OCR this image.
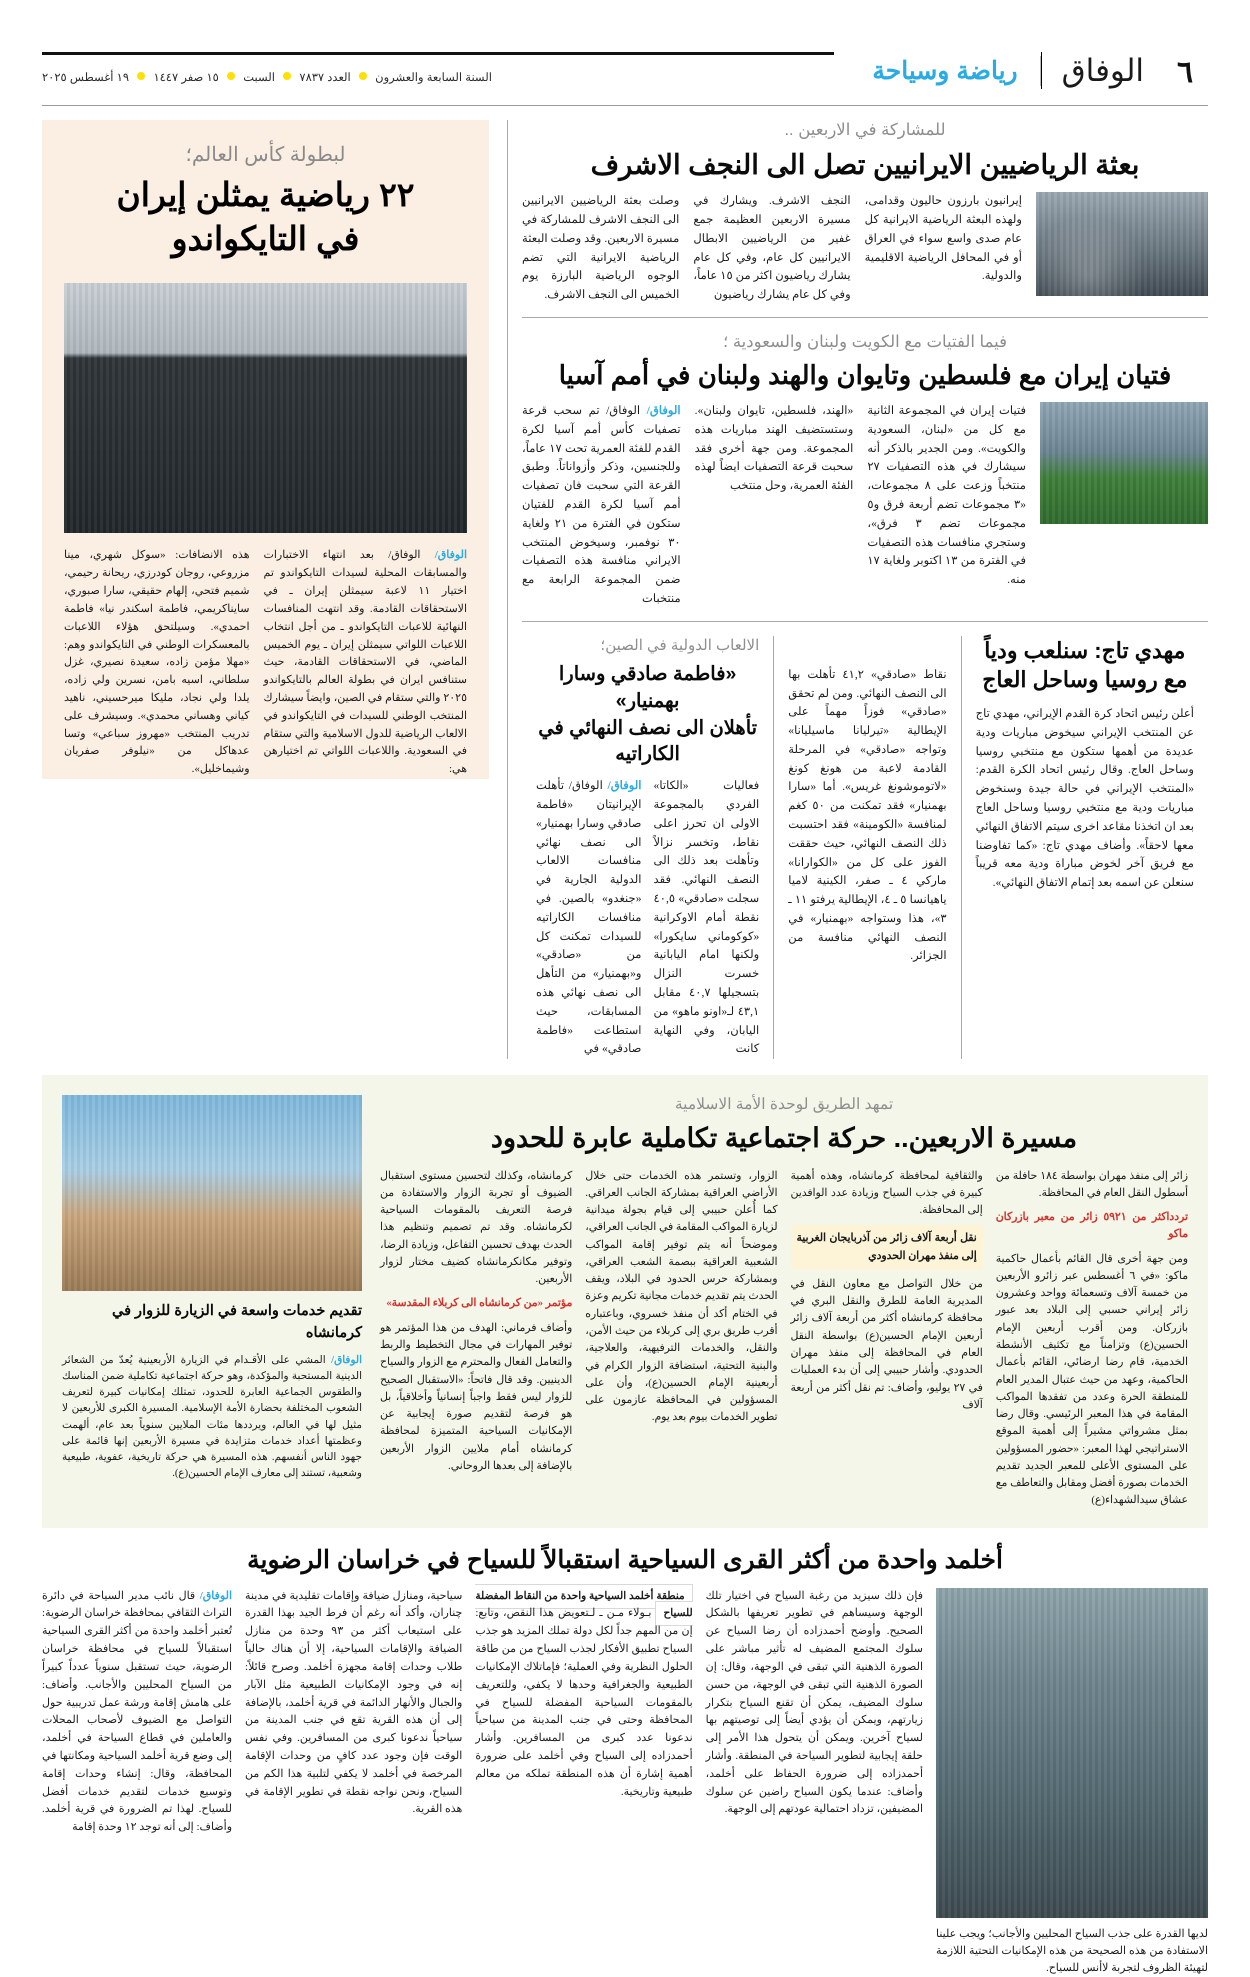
٦
الوفاق
رياضة وسياحة
السنة السابعة والعشرون  العدد ٧٨٣٧  السبت  ١٥ صفر ١٤٤٧  ١٩ أغسطس ٢٠٢٥
للمشاركة في الاربعين ..
بعثة الرياضيين الايرانيين تصل الى النجف الاشرف
إيرانيون بارزون حاليون وقدامى، ولهذه البعثة الرياضية الايرانية كل عام صدى واسع سواء في العراق أو في المحافل الرياضية الاقليمية والدولية.
النجف الاشرف. ويشارك في مسيرة الاربعين العظيمة جمع غفير من الرياضيين الابطال الايرانيين كل عام، وفي كل عام يشارك رياضيون اكثر من ١٥ عاماً، وفي كل عام يشارك رياضيون
وصلت بعثة الرياضيين الايرانيين الى النجف الاشرف للمشاركة في مسيرة الاربعين. وقد وصلت البعثة الرياضية الايرانية التي تضم الوجوه الرياضية البارزة يوم الخميس الى النجف الاشرف.
فيما الفتيات مع الكويت ولبنان والسعودية ؛
فتيان إيران مع فلسطين وتايوان والهند ولبنان في أمم آسيا
فتيات إيران في المجموعة الثانية مع كل من «لبنان، السعودية والكويت». ومن الجدير بالذكر أنه سيشارك في هذه التصفيات ٢٧ منتخباً وزعت على ٨ مجموعات، «٣ مجموعات تضم أربعة فرق و٥ مجموعات تضم ٣ فرق»، وستجري منافسات هذه التصفيات في الفترة من ١٣ اكتوبر ولغاية ١٧ منه.
«الهند، فلسطين، تايوان ولبنان». وستستضيف الهند مباريات هذه المجموعة. ومن جهة أخرى فقد سحبت قرعة التصفيات ايضاً لهذه الفئة العمرية، وحل منتخب
الوفاق/ الوفاق/ تم سحب قرعة تصفيات كأس أمم آسيا لكرة القدم للفئة العمرية تحت ١٧ عاماً، وللجنسين، وذكر وأزواناتاً. وطبق القرعة التي سحبت فان تصفيات أمم آسيا لكرة القدم للفتيان ستكون في الفترة من ٢١ ولغاية ٣٠ نوفمبر، وسيخوض المنتخب الايراني منافسة هذه التصفيات ضمن المجموعة الرابعة مع منتخبات
مهدي تاج: سنلعب ودياً
مع روسيا وساحل العاج
أعلن رئيس اتحاد كرة القدم الإيراني، مهدي تاج عن المنتخب الإيراني سيخوض مباريات ودية عديدة من أهمها ستكون مع منتخبي روسيا وساحل العاج. وقال رئيس اتحاد الكرة القدم: «المنتخب الإيراني في حالة جيدة وسنخوض مباريات ودية مع منتخبي روسيا وساحل العاج بعد ان اتخذنا مقاعد اخرى سيتم الاتفاق النهائي معها لاحقاً». وأضاف مهدي تاج: «كما تفاوضنا مع فريق آخر لخوض مباراة ودية معه قريباً سنعلن عن اسمه بعد إتمام الاتفاق النهائي».
نقاط «صادقي» ٤١,٢ تأهلت بها الى النصف النهائي. ومن لم تحقق «صادقي» فوزاً مهماً على الإيطالية «تيرليانا ماسيليانا» وتواجه «صادقي» في المرحلة القادمة لاعبة من هونغ كونغ «لاتوموشونغ غريس». أما «سارا بهمنيار» فقد تمكنت من ٥٠ كغم لمنافسة «الكومينة» فقد احتسبت ذلك النصف النهائي، حيث حققت الفوز على كل من «الكوارانا» مارکي ٤ ـ صفر، الكينية لاميا ياهيانسا ٥ ـ ٤، الإيطالية يرفتو ١١ ـ ٣»، هذا وستواجه «بهمنيار» في النصف النهائي منافسة من الجزائر.
الالعاب الدولية في الصين؛
«فاطمة صادقي وسارا بهمنيار»
تأهلان الى نصف النهائي في الكاراتيه
فعاليات «الكاتا» الفردي بالمجموعة الاولى ان تحرز اعلى نقاط، وتخسر نزالاً وتأهلت بعد ذلك الى النصف النهائي. فقد سجلت «صادقي» ٤٠,٥ نقطة أمام الاوكرانية «كوكوماني سايكورا» ولكنها امام اليابانية خسرت النزال بتسجيلها ٤٠,٧ مقابل ٤٣,١ لـ«اونو ماهو» من اليابان، وفي النهاية كانت
الوفاق/ الوفاق/ تأهلت الإيرانيتان «فاطمة صادقي وسارا بهمنيار» الى نصف نهائي منافسات الالعاب الدولية الجارية في «جنغدو» بالصين. في منافسات الكاراتيه للسيدات تمكنت كل من «صادقي» و«بهمنيار» من التأهل الى نصف نهائي هذه المسابقات، حيث استطاعت «فاطمة صادقي» في
لبطولة كأس العالم؛
٢٢ رياضية يمثلن إيران
في التايكواندو
الوفاق/ الوفاق/ بعد انتهاء الاختبارات والمسابقات المحلية لسيدات التايكواندو تم اختيار ١١ لاعبة سيمثلن إيران ـ في الاستحقاقات القادمة. وقد انتهت المنافسات النهائية للاعبات التايكواندو ـ من أجل انتخاب اللاعبات اللواتي سيمثلن إيران ـ يوم الخميس الماضي، في الاستحقاقات القادمة، حيث ستنافس ايران في بطولة العالم بالتايكواندو ٢٠٢٥ والتي ستقام في الصين، وايضاً سيشارك المنتخب الوطني للسيدات في التايكواندو في الالعاب الرياضية للدول الاسلامية والتي ستقام في السعودية. واللاعبات اللواتي تم اختيارهن هي:
هذه الانضافات: «سوكل شهري، مينا مزروعي، روجان كودرزي، ريحانة رحيمي، شميم فتحي، إلهام حقيقي، سارا صبوري، سايناكريمي، فاطمة اسكندر نيا» فاطمة احمدي». وسيلتحق هؤلاء اللاعبات بالمعسكرات الوطني في التايكواندو وهم: «مهلا مؤمن زاده، سعيدة نصيري، غزل سلطاني، اسيه بامن، نسرين ولي زاده، يلدا ولي نجاد، مليكا ميرحسيني، ناهيد كياني وهساني محمدي». وسيشرف على تدريب المنتخب «مهروز سباعي» وتسا عدهاكل من «نيلوفر صفريان وشيماخليل».
تمهد الطريق لوحدة الأمة الاسلامية
مسيرة الاربعين.. حركة اجتماعية تكاملية عابرة للحدود
زائر إلى منفذ مهران بواسطة ١٨٤ حافلة من أسطول النقل العام في المحافظة.
تردداكثر من ٥٩٢١ زائر من معبر بازركان ماكو
ومن جهة أخرى قال القائم بأعمال حاكمية ماكو: «في ٦ أغسطس عبر زائرو الأربعين من خمسة آلاف وتسعمائة وواحد وعشرون زائر إيراني حسبي إلى البلاد بعد عبور بازركان. ومن أقرب أربعين الإمام الحسين(ع) وتزامناً مع تكثيف الأنشطة الخدمية، قام رضا ارضائي، القائم بأعمال الحاكمية، وعهد من حيث عتبال المدير العام للمنطقة الحرة وعدد من تفقدها المواكب المقامة في هذا المعبر الرئيسي. وقال رضا بمثل مشرواتي مشيراً إلى أهمية الموقع الاستراتيجي لهذا المعبر: «حضور المسؤولين على المستوى الأعلى للمعبر الجديد تقديم الخدمات بصورة أفضل ومقابل والتعاطف مع عشاق سيدالشهداء(ع)
والثقافية لمحافظة كرمانشاه، وهذه أهمية كبيرة في جذب السياح وزيادة عدد الوافدين إلى المحافظة.
نقل أربعة آلاف زائر من آذربايجان الغربية إلى منفذ مهران الحدودي
من خلال التواصل مع معاون النقل في المديرية العامة للطرق والنقل البري في محافظة كرمانشاه أكثر من أربعة آلاف زائر أربعين الإمام الحسين(ع) بواسطة النقل العام في المحافظة إلى منفذ مهران الحدودي. وأشار حبيبي إلى أن بدء العمليات في ٢٧ يوليو، وأضاف: تم نقل أكثر من أربعة آلاف
الزوار، وتستمر هذه الخدمات حتى خلال الأراضي العراقية بمشاركة الجانب العراقي. كما أُعلن حبيبي إلى قيام بجولة ميدانية لزيارة المواكب المقامة في الجانب العراقي، وموضحاً أنه يتم توفير إقامة المواكب الشعبية العراقية ببصمة الشعب العراقي، وبمشاركة حرس الحدود في البلاد، ويقف الحدث يتم تقديم خدمات مجانية تكريم وعزة في الختام أكد أن منفذ خسروي، وباعتباره أقرب طريق بري إلى كربلاء من حيث الأمن، والنقل، والخدمات الترفيهية، والعلاجية، والبنية التحتية، استضافة الزوار الكرام في أربعينية الإمام الحسين(ع)، وأن على المسؤولين في المحافظة عازمون على تطوير الخدمات بيوم بعد يوم.
كرمانشاه، وكذلك لتحسين مستوى استقبال الضيوف أو تجربة الزوار والاستفادة من فرصة التعريف بالمقومات السياحية لكرمانشاه. وقد تم تصميم وتنظيم هذا الحدث بهدف تحسين التفاعل، وزيادة الرضا، وتوفير مكانكرمانشاه كضيف مختار لزوار الأربعين.
مؤتمر «من كرمانشاه الى كربلاء المقدسة»
وأضاف فرماني: الهدف من هذا المؤتمر هو توفير المهارات في مجال التخطيط والربط والتعامل الفعال والمحترم مع الزوار والسياح الدينيين. وقد قال فاتحاً: «الاستقبال الصحيح للزوار ليس فقط واجباً إنسانياً وأخلاقياً، بل هو فرصة لتقديم صورة إيجابية عن الإمكانيات السياحية المتميزة لمحافظة كرمانشاه أمام ملايين الزوار الأربعين بالإضافة إلى بعدها الروحاني.
تقديم خدمات واسعة في الزيارة للزوار في كرمانشاه
الوفاق/ المشي على الأقـدام في الزيارة الأربعينية يُعدّ من الشعائر الدينية المستحبة والمؤكدة، وهو حركة اجتماعية تكاملية ضمن المناسك والطقوس الجماعية العابرة للحدود، تمتلك إمكانيات كبيرة لتعريف الشعوب المختلفة بحضارة الأمة الإسلامية. المسيرة الكبرى للأربعين لا مثيل لها في العالم، ويرددها مئات الملايين سنوياً بعد عام، ألهمت وعظمتها أعداد خدمات متزايدة في مسيرة الأربعين إنها قائمة على جهود الناس أنفسهم. هذه المسيرة هي حركة تاريخية، عفوية، طبيعية وشعبية، تستند إلى معارف الإمام الحسين(ع).
أخلمد واحدة من أكثر القرى السياحية استقبالاً للسياح في خراسان الرضوية
لديها القدرة على جذب السياح المحليين والأجانب؛ ويجب علينا الاستفادة من هذه الصحيحة من هذه الإمكانيات التحتية اللازمة لتهيئة الظروف لتجربة لاأنس للسياح.
فإن ذلك سيزيد من رغبة السياح في اختيار تلك الوجهة وسيساهم في تطوير تعريفها بالشكل الصحيح. وأوضح أحمدزاده أن رضا السياح عن سلوك المجتمع المضيف له تأثير مباشر على الصورة الذهنية التي تبقى في الوجهة، وقال: إن الصورة الذهنية التي تبقى في الوجهة، من حسن سلوك المضيف، يمكن أن تقنع السياح بتكرار زيارتهم، ويمكن أن يؤدي أيضاً إلى توصيتهم بها لسياح آخرين. ويمكن أن يتحول هذا الأمر إلى حلقة إيجابية لتطوير السياحة في المنطقة. وأشار أحمدزاده إلى ضرورة الحفاظ على أخلمد، وأضاف: عندما يكون السياح راضين عن سلوك المضيفين، تزداد احتمالية عودتهم إلى الوجهة.
منطقة أخلمد السياحية واحدة من النقاط المفضلة للسياح بـولاء مـن ـ لـتعويض هذا النقص، وتابع: إن من المهم جداً لكل دولة تملك المزيد هو جذب السياح تطبيق الأفكار لجذب السياح من من طاقة الحلول النظرية وفي العملية؛ فإماتلاك الإمكانيات الطبيعية والجغرافية وحدها لا يكفي، وللتعريف بالمقومات السياحية المفضلة للسياح في المحافظة وحتى في جنب المدينة من سياحياً ندعونا عدد كبرى من المسافرين. وأشار أحمدزاده إلى السياح وفي أخلمد على ضرورة أهمية إشارة أن هذه المنطقة تملكه من معالم طبيعية وتاريخية.
سياحية، ومنازل ضيافة وإقامات تقليدية في مدينة چناران، وأكد أنه رغم أن فرط الجيد بهذا القدرة على استيعاب أكثر من ٩٣ وحدة من منازل الضيافة والإقامات السياحية، إلا أن هناك حالياً طلاب وحدات إقامة مجهزة أخلمد. وصرح قائلاً: إنه في وجود الإمكانيات الطبيعية مثل الآبار والجبال والأنهار الدائمة في قرية أخلمد، بالإضافة إلى أن هذه القرية تقع في جنب المدينة من سياحياً ندعونا كبرى من المسافرين. وفي نفس الوقت فإن وجود عدد كافٍ من وحدات الإقامة المرخصة في أخلمد لا يكفي لتلبية هذا الكم من السياح، ونحن نواجه نقطة في تطوير الإقامة في هذه القرية.
الوفاق/ قال نائب مدير السياحة في دائرة التراث الثقافي بمحافظة خراسان الرضوية: تُعتبر أخلمد واحدة من أكثر القرى السياحية استقبالاً للسياح في محافظة خراسان الرضوية، حيث تستقبل سنوياً عدداً كبيراً من السياح المحليين والأجانب. وأضاف: على هامش إقامة ورشة عمل تدريبية حول التواصل مع الضيوف لأصحاب المحلات والعاملين في قطاع السياحة في أخلمد، إلى وضع قرية أخلمد السياحية ومكانتها في المحافظة، وقال: إنشاء وحدات إقامة وتوسيع خدمات لتقديم خدمات أفضل للسياح. لهذا تم الضرورة في قرية أخلمد. وأضاف: إلى أنه توجد ١٢ وحدة إقامة
